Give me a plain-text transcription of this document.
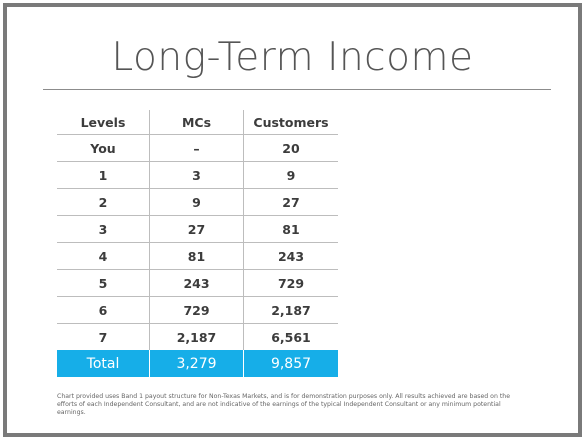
Long-Term Income
Levels	MCs	Customers
You	–	20
1	3	9
2	9	27
3	27	81
4	81	243
5	243	729
6	729	2,187
7	2,187	6,561
Total	3,279	9,857
Chart provided uses Band 1 payout structure for Non-Texas Markets, and is for demonstration purposes only. All results achieved are based on the efforts of each Independent Consultant, and are not indicative of the earnings of the typical Independent Consultant or any minimum potential earnings.
